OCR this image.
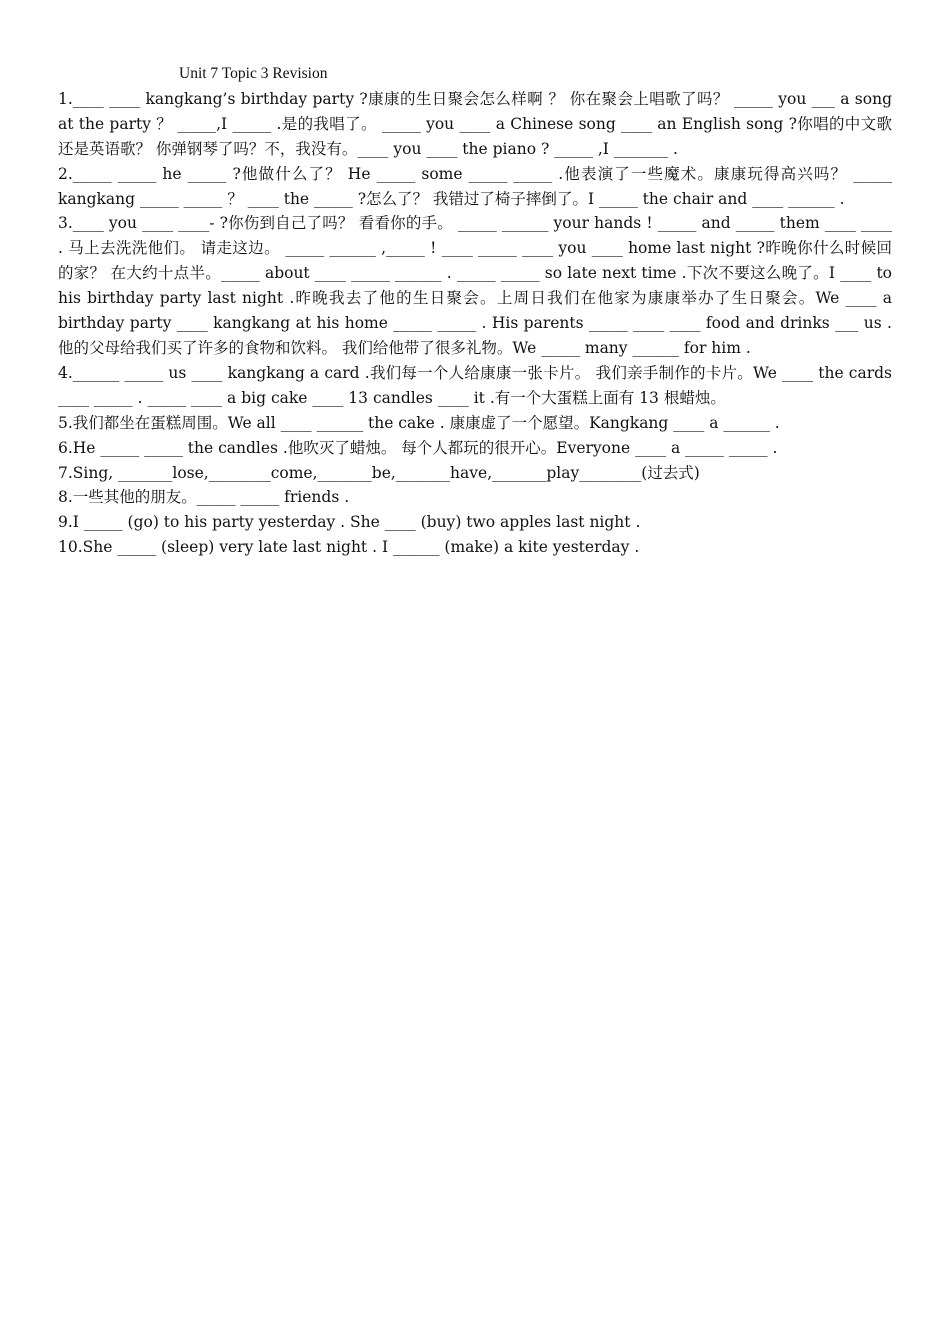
Unit 7 Topic 3 Revision

1.____ ____ kangkang’s birthday party ?康康的生日聚会怎么样啊 ？ 你在聚会上唱歌了吗？ _____ you ___ a song at the party ？ _____,I _____ .是的我唱了。 _____ you ____ a Chinese song ____ an English song ?你唱的中文歌还是英语歌？ 你弹钢琴了吗？不，我没有。____ you ____ the piano ? _____ ,I _______ .

2._____ _____ he _____ ?他做什么了？ He _____ some _____ _____ .他表演了一些魔术。康康玩得高兴吗？ _____ kangkang _____ _____ ？ ____ the _____ ?怎么了？ 我错过了椅子摔倒了。I _____ the chair and ____ ______ .

3.____ you ____ ____- ?你伤到自己了吗？ 看看你的手。 _____ ______ your hands ! _____ and _____ them ____ ____ . 马上去洗洗他们。 请走这边。 _____ ______ ,_____ ! ____ _____ ____ you ____ home last night ?昨晚你什么时候回的家？ 在大约十点半。_____ about ____ _____ ______ . _____ _____ so late next time .下次不要这么晚了。I ____ to his birthday party last night .昨晚我去了他的生日聚会。上周日我们在他家为康康举办了生日聚会。We ____ a birthday party ____ kangkang at his home _____ _____ . His parents _____ ____ ____ food and drinks ___ us .他的父母给我们买了许多的食物和饮料。 我们给他带了很多礼物。We _____ many ______ for him .

4.______ _____ us ____ kangkang a card .我们每一个人给康康一张卡片。 我们亲手制作的卡片。We ____ the cards ____ _____ . _____ ____ a big cake ____ 13 candles ____ it .有一个大蛋糕上面有 13 根蜡烛。

5.我们都坐在蛋糕周围。We all ____ ______ the cake . 康康虚了一个愿望。Kangkang ____ a ______ .

6.He _____ _____ the candles .他吹灭了蜡烛。 每个人都玩的很开心。Everyone ____ a _____ _____ .

7.Sing, _______lose,________come,_______be,_______have,_______play________(过去式)

8.一些其他的朋友。_____ _____ friends .

9.I _____ (go) to his party yesterday . She ____ (buy) two apples last night .

10.She _____ (sleep) very late last night . I ______ (make) a kite yesterday .
